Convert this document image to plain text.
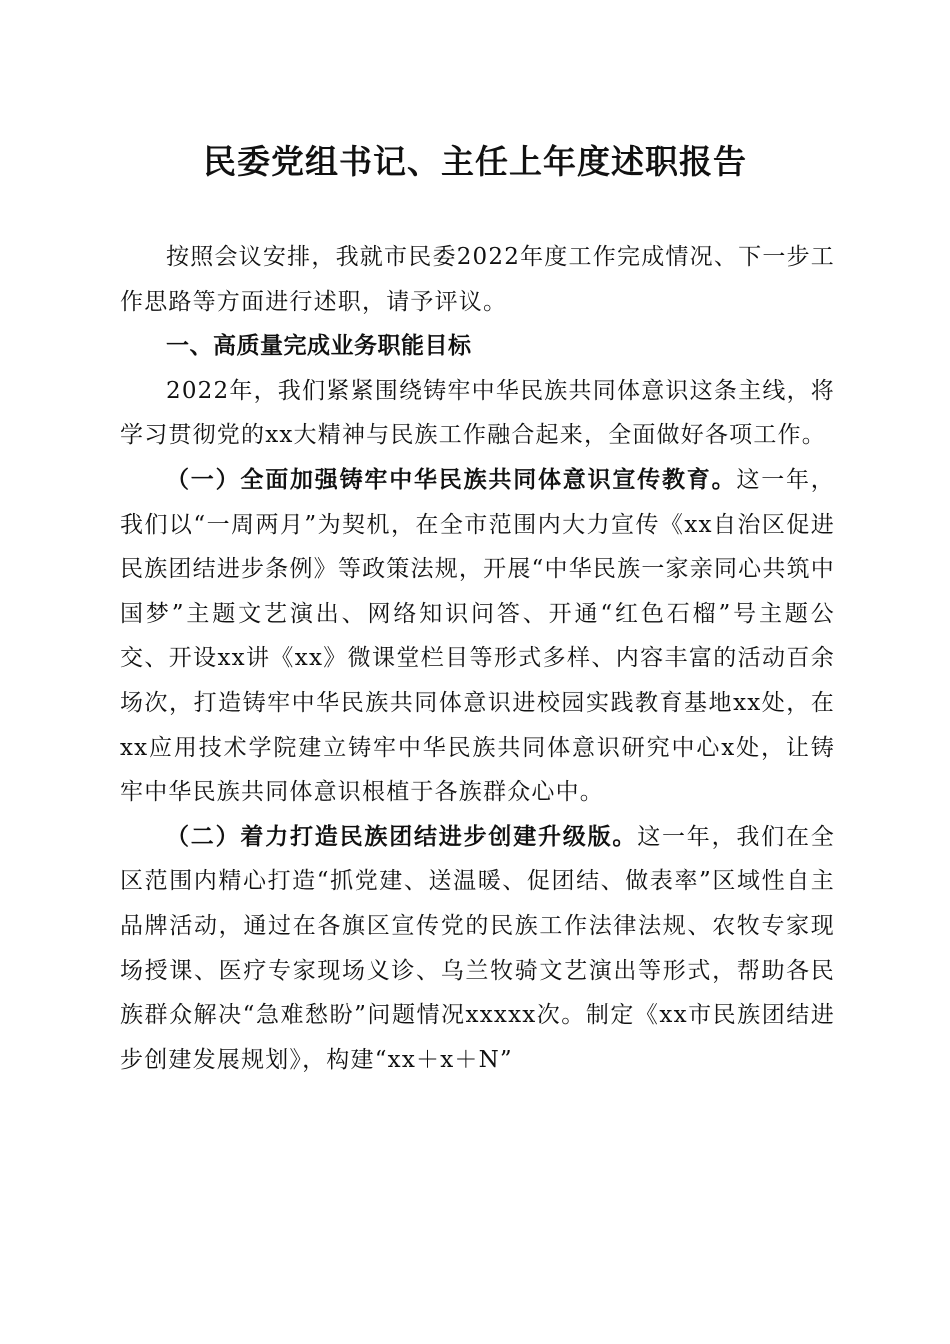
民委党组书记、主任上年度述职报告

按照会议安排，我就市民委2022年度工作完成情况、下一步工作思路等方面进行述职，请予评议。

一、高质量完成业务职能目标

2022年，我们紧紧围绕铸牢中华民族共同体意识这条主线，将学习贯彻党的xx大精神与民族工作融合起来，全面做好各项工作。

（一）全面加强铸牢中华民族共同体意识宣传教育。这一年，我们以“一周两月”为契机，在全市范围内大力宣传《xx自治区促进民族团结进步条例》等政策法规，开展“中华民族一家亲同心共筑中国梦”主题文艺演出、网络知识问答、开通“红色石榴”号主题公交、开设xx讲《xx》微课堂栏目等形式多样、内容丰富的活动百余场次，打造铸牢中华民族共同体意识进校园实践教育基地xx处，在xx应用技术学院建立铸牢中华民族共同体意识研究中心x处，让铸牢中华民族共同体意识根植于各族群众心中。

（二）着力打造民族团结进步创建升级版。这一年，我们在全区范围内精心打造“抓党建、送温暖、促团结、做表率”区域性自主品牌活动，通过在各旗区宣传党的民族工作法律法规、农牧专家现场授课、医疗专家现场义诊、乌兰牧骑文艺演出等形式，帮助各民族群众解决“急难愁盼”问题情况xxxxx次。制定《xx市民族团结进步创建发展规划》，构建“xx＋x＋N”
